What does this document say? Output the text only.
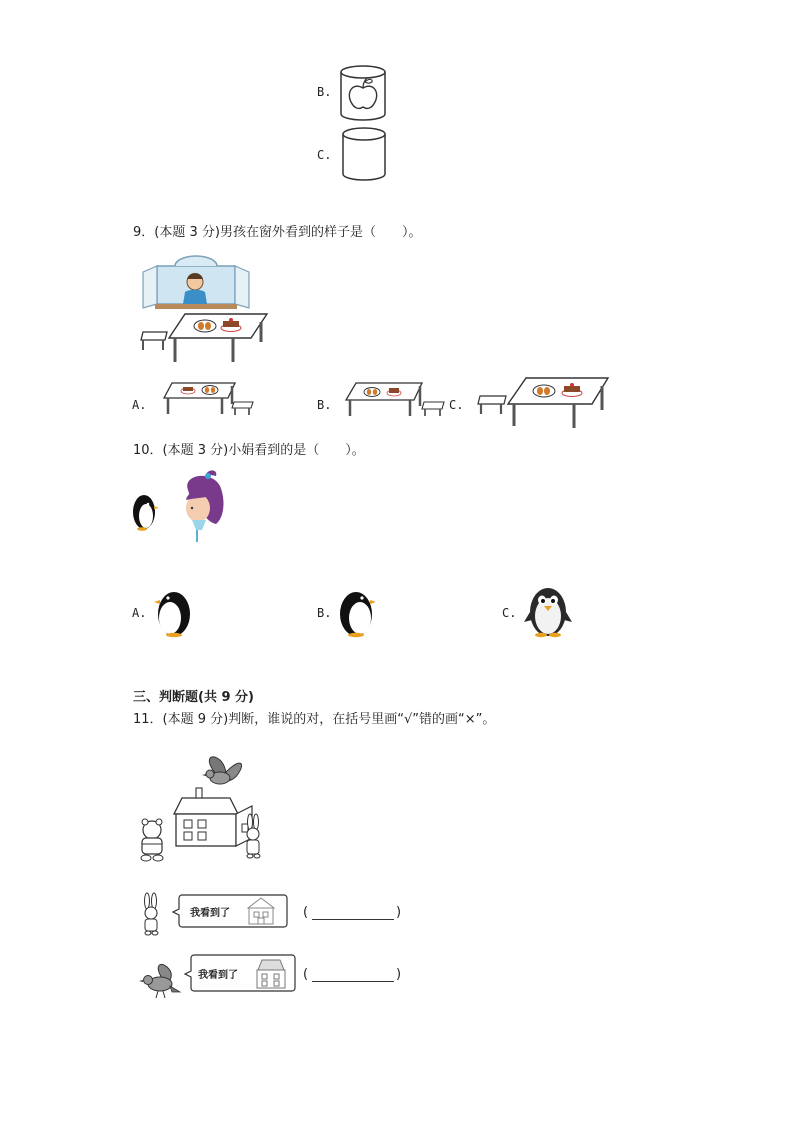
B.
C.
9．(本题 3 分)男孩在窗外看到的样子是（　　）。
A.	B.	C.
10．(本题 3 分)小娟看到的是（　　）。
A.	B.	C.
三、判断题(共 9 分)
11．(本题 9 分)判断，谁说的对，在括号里画“√”错的画“×”。
我看到了	(	)
我看到了	(	)
